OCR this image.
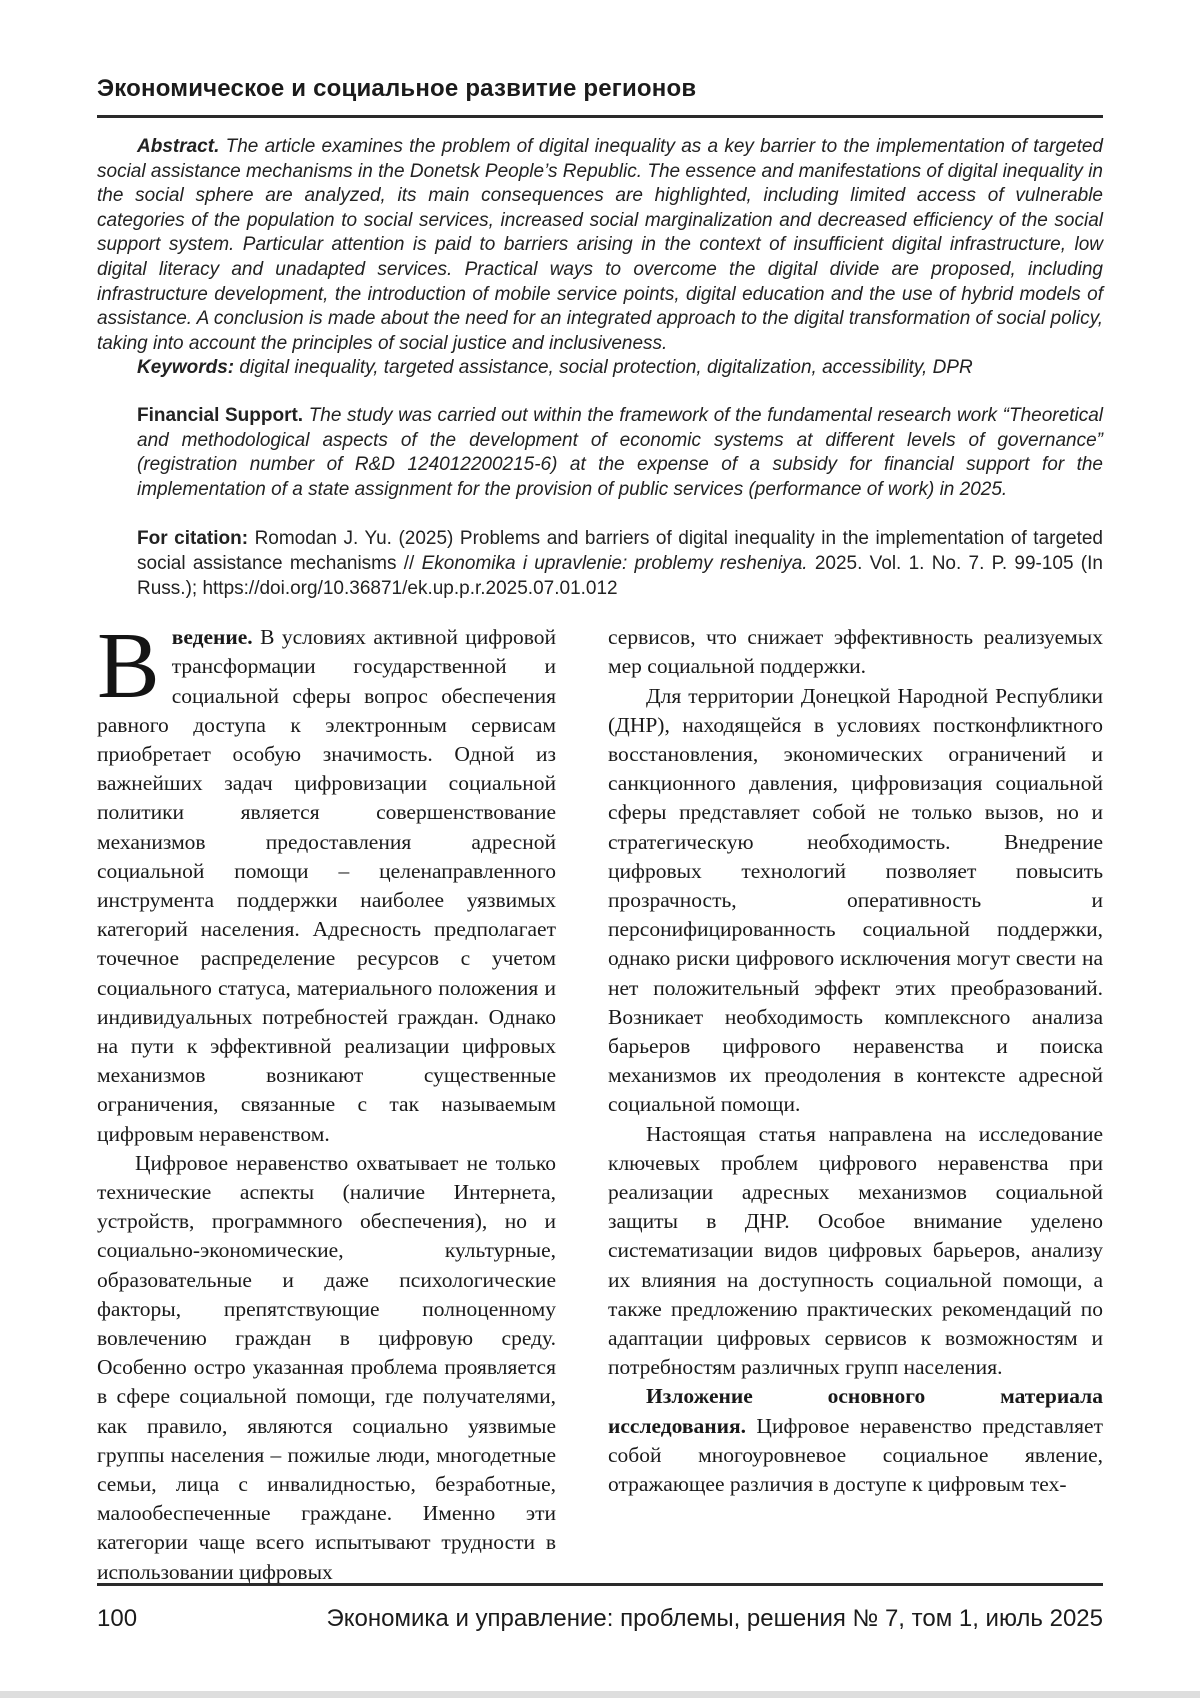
Экономическое и социальное развитие регионов

Abstract. The article examines the problem of digital inequality as a key barrier to the implementation of targeted social assistance mechanisms in the Donetsk People’s Republic. The essence and manifestations of digital inequality in the social sphere are analyzed, its main consequences are highlighted, including limited access of vulnerable categories of the population to social services, increased social marginalization and decreased efficiency of the social support system. Particular attention is paid to barriers arising in the context of insufficient digital infrastructure, low digital literacy and unadapted services. Practical ways to overcome the digital divide are proposed, including infrastructure development, the introduction of mobile service points, digital education and the use of hybrid models of assistance. A conclusion is made about the need for an integrated approach to the digital transformation of social policy, taking into account the principles of social justice and inclusiveness.

Keywords: digital inequality, targeted assistance, social protection, digitalization, accessibility, DPR

Financial Support. The study was carried out within the framework of the fundamental research work “Theoretical and methodological aspects of the development of economic systems at different levels of governance” (registration number of R&D 124012200215-6) at the expense of a subsidy for financial support for the implementation of a state assignment for the provision of public services (performance of work) in 2025.

For citation: Romodan J. Yu. (2025) Problems and barriers of digital inequality in the implementation of targeted social assistance mechanisms // Ekonomika i upravlenie: problemy resheniya. 2025. Vol. 1. No. 7. P. 99-105 (In Russ.); https://doi.org/10.36871/ek.up.p.r.2025.07.01.012

Введение. В условиях активной цифровой трансформации государственной и социальной сферы вопрос обеспечения равного доступа к электронным сервисам приобретает особую значимость. Одной из важнейших задач цифровизации социальной политики является совершенствование механизмов предоставления адресной социальной помощи – целенаправленного инструмента поддержки наиболее уязвимых категорий населения. Адресность предполагает точечное распределение ресурсов с учетом социального статуса, материального положения и индивидуальных потребностей граждан. Однако на пути к эффективной реализации цифровых механизмов возникают существенные ограничения, связанные с так называемым цифровым неравенством.

Цифровое неравенство охватывает не только технические аспекты (наличие Интернета, устройств, программного обеспечения), но и социально-экономические, культурные, образовательные и даже психологические факторы, препятствующие полноценному вовлечению граждан в цифровую среду. Особенно остро указанная проблема проявляется в сфере социальной помощи, где получателями, как правило, являются социально уязвимые группы населения – пожилые люди, многодетные семьи, лица с инвалидностью, безработные, малообеспеченные граждане. Именно эти категории чаще всего испытывают трудности в использовании цифровых

сервисов, что снижает эффективность реализуемых мер социальной поддержки.

Для территории Донецкой Народной Республики (ДНР), находящейся в условиях постконфликтного восстановления, экономических ограничений и санкционного давления, цифровизация социальной сферы представляет собой не только вызов, но и стратегическую необходимость. Внедрение цифровых технологий позволяет повысить прозрачность, оперативность и персонифицированность социальной поддержки, однако риски цифрового исключения могут свести на нет положительный эффект этих преобразований. Возникает необходимость комплексного анализа барьеров цифрового неравенства и поиска механизмов их преодоления в контексте адресной социальной помощи.

Настоящая статья направлена на исследование ключевых проблем цифрового неравенства при реализации адресных механизмов социальной защиты в ДНР. Особое внимание уделено систематизации видов цифровых барьеров, анализу их влияния на доступность социальной помощи, а также предложению практических рекомендаций по адаптации цифровых сервисов к возможностям и потребностям различных групп населения.

Изложение основного материала исследования. Цифровое неравенство представляет собой многоуровневое социальное явление, отражающее различия в доступе к цифровым тех-

100	Экономика и управление: проблемы, решения № 7, том 1, июль 2025
